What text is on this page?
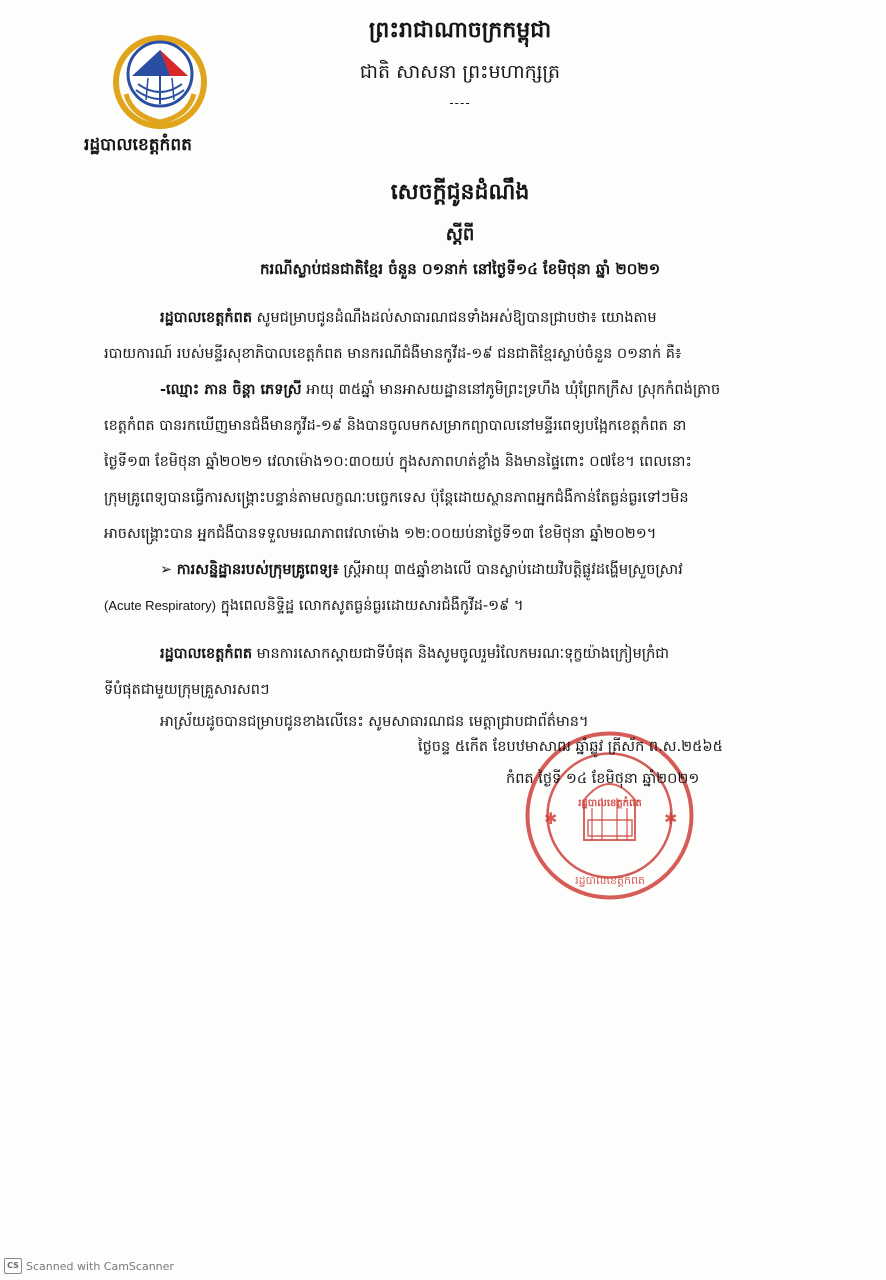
ព្រះរាជាណាចក្រកម្ពុជា
ជាតិ សាសនា ព្រះមហាក្សត្រ
----
រដ្ឋបាលខេត្តកំពត
សេចក្តីជូនដំណឹង
ស្តីពី
ករណីស្លាប់ជនជាតិខ្មែរ ចំនួន ០១នាក់ នៅថ្ងៃទី១៤ ខែមិថុនា ឆ្នាំ ២០២១
រដ្ឋបាលខេត្តកំពត សូមជម្រាបជូនដំណឹងដល់សាធារណជនទាំងអស់ឱ្យបានជ្រាបថា៖ យោងតាម
របាយការណ៍ របស់មន្ទីរសុខាភិបាលខេត្តកំពត មានករណីជំងឺមានកូវីដ-១៩ ជនជាតិខ្មែរស្លាប់ចំនួន ០១នាក់ គឺ៖
-ឈ្មោះ ភាន ចិន្តា ភេទស្រី អាយុ ៣៥ឆ្នាំ មានអាសយដ្ឋាននៅភូមិព្រះទ្រហឹង ឃុំព្រែកក្រឹស ស្រុកកំពង់ត្រាច
ខេត្តកំពត បានរកឃើញមានជំងឺមានកូវីដ-១៩ និងបានចូលមកសម្រាកព្យាបាលនៅមន្ទីរពេទ្យបង្អែកខេត្តកំពត នា
ថ្ងៃទី១៣ ខែមិថុនា ឆ្នាំ២០២១ វេលាម៉ោង១០:៣០យប់ ក្នុងសភាពហត់ខ្លាំង និងមានផ្ទៃពោះ ០៧ខែ។ ពេលនោះ
ក្រុមគ្រូពេទ្យបានធ្វើការសង្គ្រោះបន្ទាន់តាមលក្ខណៈបច្ចេកទេស ប៉ុន្តែដោយស្ថានភាពអ្នកជំងឺកាន់តែធ្ងន់ធ្ងរទៅៗមិន
អាចសង្គ្រោះបាន អ្នកជំងឺបានទទួលមរណភាពវេលាម៉ោង ១២:០០យប់នាថ្ងៃទី១៣ ខែមិថុនា ឆ្នាំ២០២១។
➢ ការសន្និដ្ឋានរបស់ក្រុមគ្រូពេទ្យ៖ ស្ត្រីអាយុ ៣៥ឆ្នាំខាងលើ បានស្លាប់ដោយវិបត្តិផ្លូវដង្ហើមស្រួចស្រាវ
(Acute Respiratory) ក្នុងពេលនិទ្ទិដ្ឋ លោកសូតធ្ងន់ធ្ងរដោយសារជំងឺកូវីដ-១៩ ។
រដ្ឋបាលខេត្តកំពត មានការសោកស្តាយជាទីបំផុត និងសូមចូលរួមរំលែកមរណៈទុក្ខយ៉ាងក្រៀមក្រំជា
ទីបំផុតជាមួយក្រុមគ្រួសារសពៗ
អាស្រ័យដូចបានជម្រាបជូនខាងលើនេះ សូមសាធារណជន មេត្តាជ្រាបជាព័ត៌មាន។
✱	✱
រដ្ឋបាលខេត្តកំពត
រដ្ឋបាលខេត្តកំពត
ថ្ងៃចន្ទ ៥កើត ខែបឋមាសាឍ ឆ្នាំឆ្លូវ ត្រីស័ក ព.ស.២៥៦៥
កំពត ថ្ងៃទី ១៤ ខែមិថុនា ឆ្នាំ២០២១
CS Scanned with CamScanner
